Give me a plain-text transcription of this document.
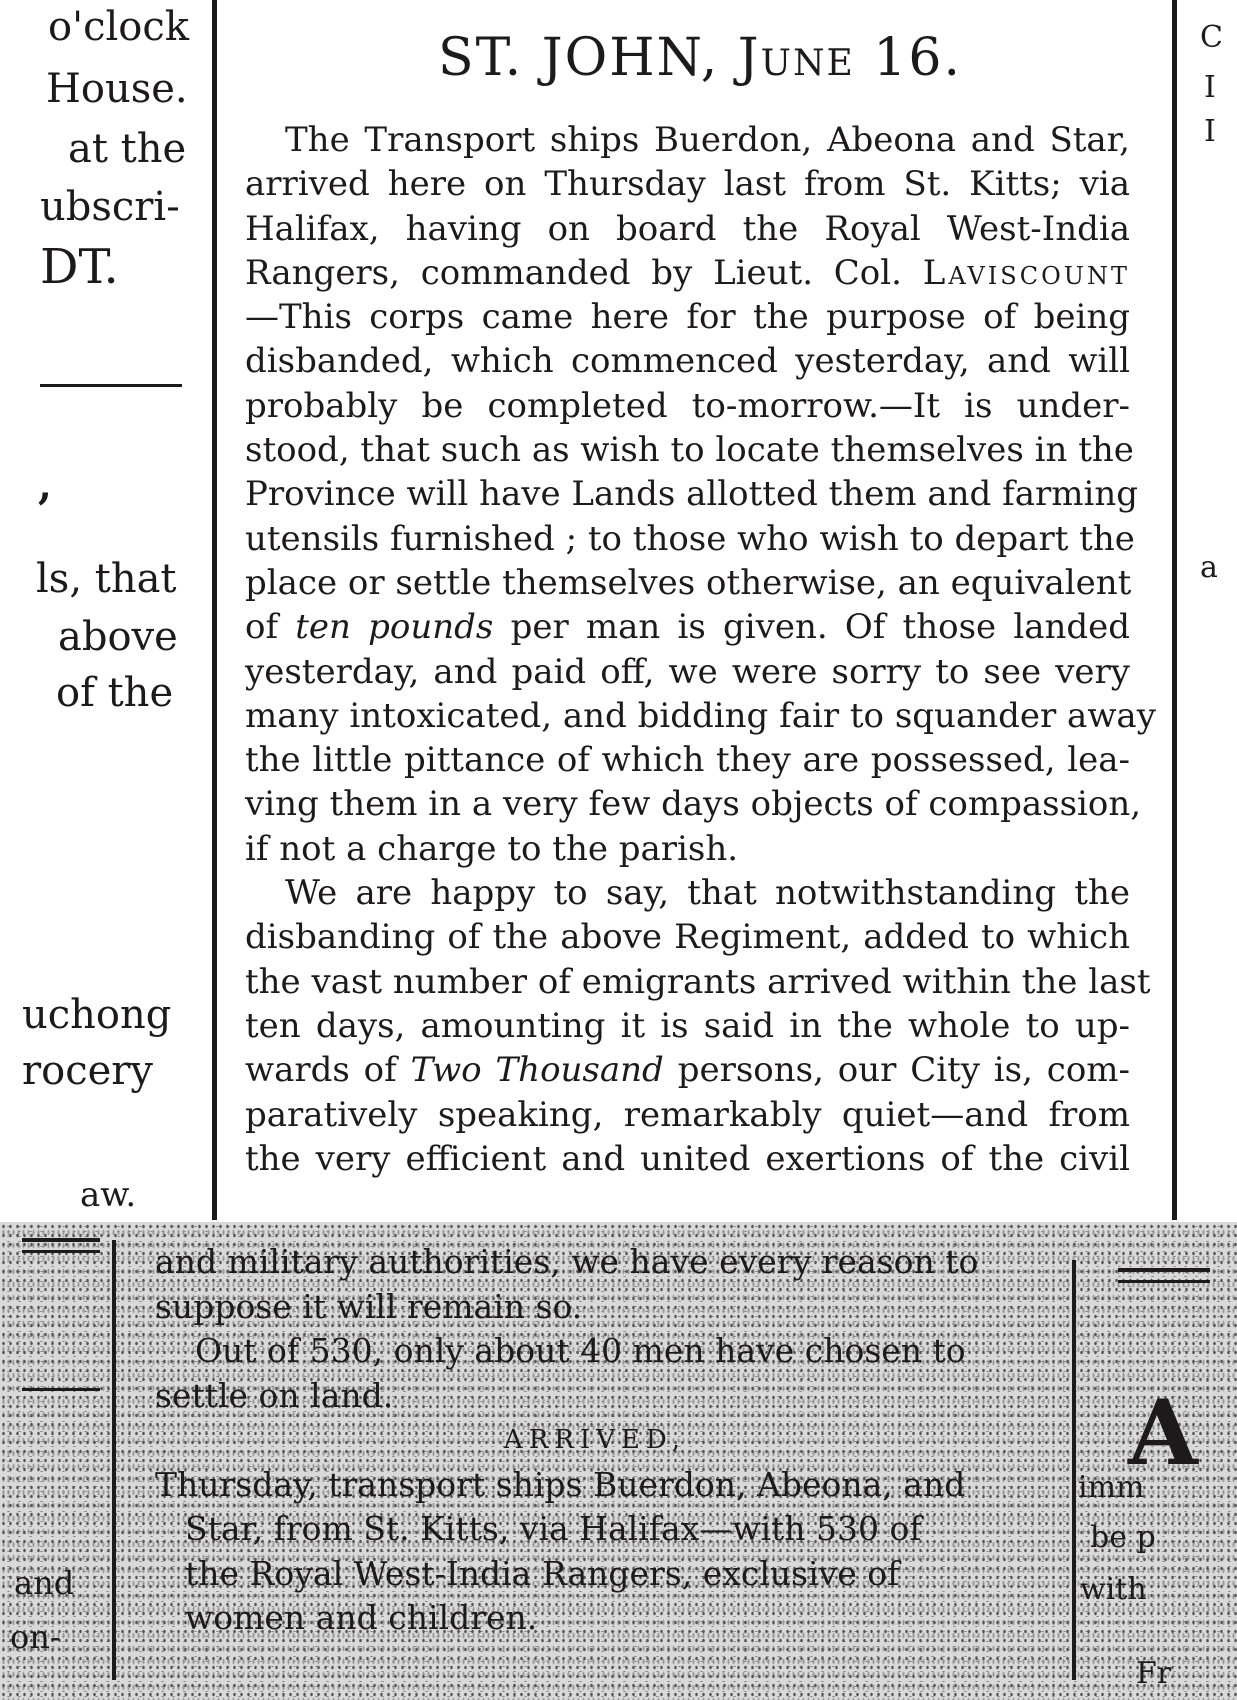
o'clock
House.
at the
ubscri-
DT.
,
ls, that
above
of the
uchong
rocery
aw.
and
on-
C
I
I
a
imm
be p
with
Fr
A
ST. JOHN, June 16.
The Transport ships Buerdon, Abeona and Star,
arrived here on Thursday last from St. Kitts; via
Halifax, having on board the Royal West-India
Rangers, commanded by Lieut. Col. Laviscount
—This corps came here for the purpose of being
disbanded, which commenced yesterday, and will
probably be completed to-morrow.—It is under-
stood, that such as wish to locate themselves in the
Province will have Lands allotted them and farming
utensils furnished ; to those who wish to depart the
place or settle themselves otherwise, an equivalent
of ten pounds per man is given. Of those landed
yesterday, and paid off, we were sorry to see very
many intoxicated, and bidding fair to squander away
the little pittance of which they are possessed, lea-
ving them in a very few days objects of compassion,
if not a charge to the parish.
We are happy to say, that notwithstanding the
disbanding of the above Regiment, added to which
the vast number of emigrants arrived within the last
ten days, amounting it is said in the whole to up-
wards of Two Thousand persons, our City is, com-
paratively speaking, remarkably quiet—and from
the very efficient and united exertions of the civil
and military authorities, we have every reason to
suppose it will remain so.
Out of 530, only about 40 men have chosen to
settle on land.
ARRIVED,
Thursday, transport ships Buerdon, Abeona, and
Star, from St. Kitts, via Halifax—with 530 of
the Royal West-India Rangers, exclusive of
women and children.
